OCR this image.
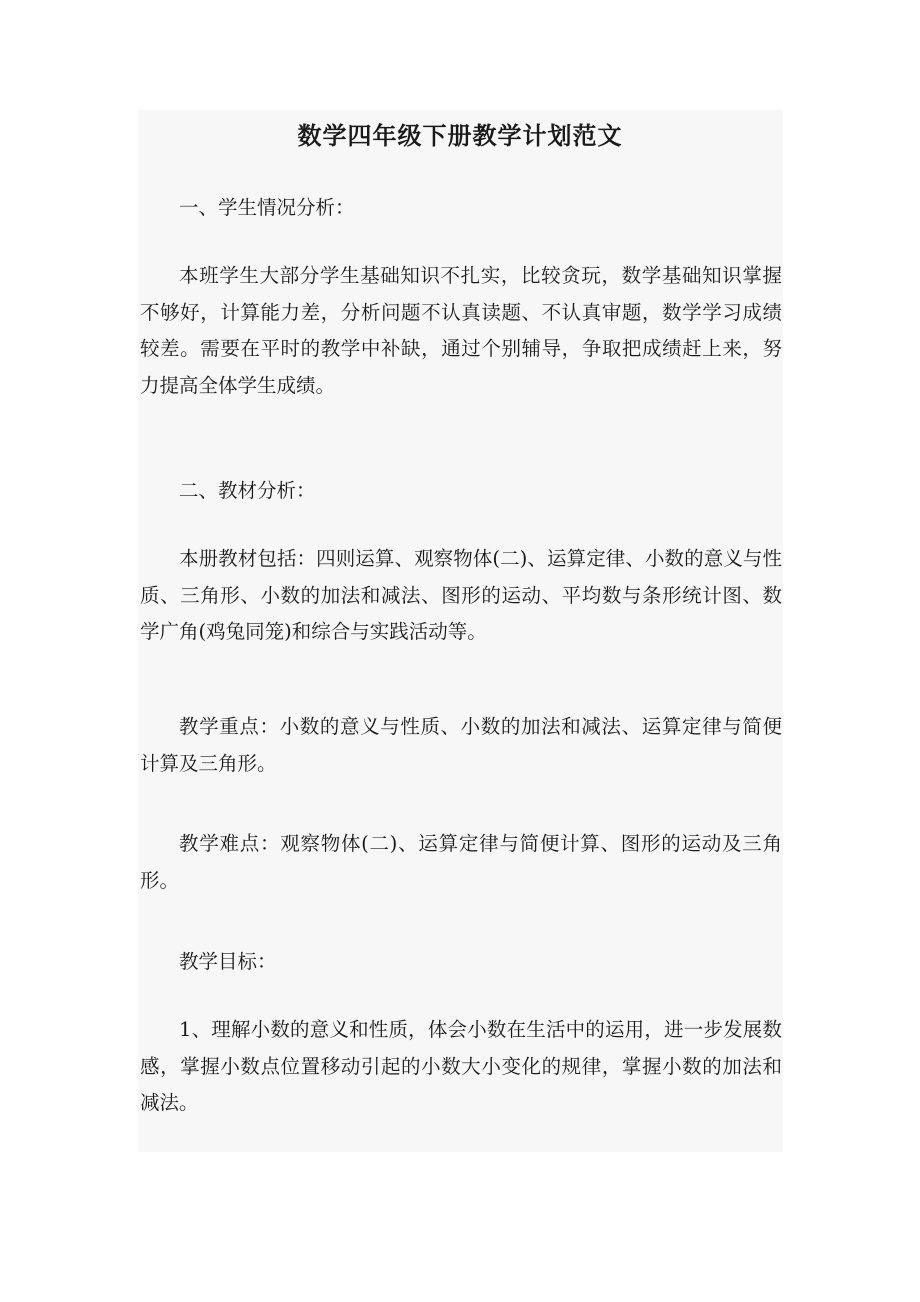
数学四年级下册教学计划范文

一、学生情况分析：

本班学生大部分学生基础知识不扎实，比较贪玩，数学基础知识掌握不够好，计算能力差，分析问题不认真读题、不认真审题，数学学习成绩较差。需要在平时的教学中补缺，通过个别辅导，争取把成绩赶上来，努力提高全体学生成绩。

二、教材分析：

本册教材包括：四则运算、观察物体(二)、运算定律、小数的意义与性质、三角形、小数的加法和减法、图形的运动、平均数与条形统计图、数学广角(鸡兔同笼)和综合与实践活动等。

教学重点：小数的意义与性质、小数的加法和减法、运算定律与简便计算及三角形。

教学难点：观察物体(二)、运算定律与简便计算、图形的运动及三角形。

教学目标：

1、理解小数的意义和性质，体会小数在生活中的运用，进一步发展数感，掌握小数点位置移动引起的小数大小变化的规律，掌握小数的加法和减法。
